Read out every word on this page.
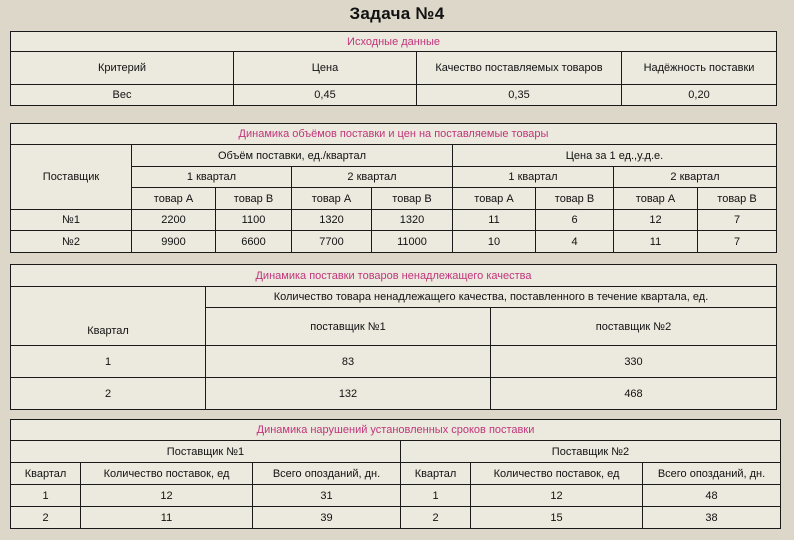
Задача №4
Исходные данные			
Критерий	Цена	Качество поставляемых товаров	Надёжность поставки
Вес	0,45	0,35	0,20
Динамика объёмов поставки и цен на поставляемые товары								
Поставщик	Объём поставки, ед./квартал				Цена за 1 ед.,у.д.е.			
	1 квартал		2 квартал		1 квартал		2 квартал	
	товар А	товар В	товар А	товар В	товар А	товар В	товар А	товар В
№1	2200	1100	1320	1320	11	6	12	7
№2	9900	6600	7700	11000	10	4	11	7
Динамика поставки товаров ненадлежащего качества		
Квартал	Количество товара ненадлежащего качества, поставленного в течение квартала, ед.	
	поставщик №1	поставщик №2
1	83	330
2	132	468
Динамика нарушений установленных сроков поставки					
Поставщик №1			Поставщик №2		
Квартал	Количество поставок, ед	Всего опозданий, дн.	Квартал	Количество поставок, ед	Всего опозданий, дн.
1	12	31	1	12	48
2	11	39	2	15	38
